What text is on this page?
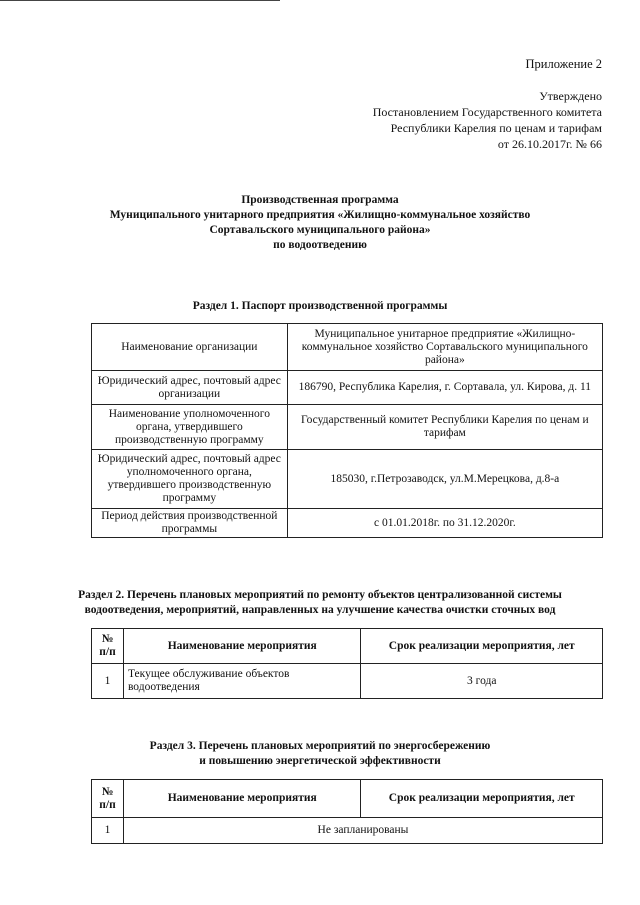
Приложение 2
Утверждено
Постановлением Государственного комитета
Республики Карелия по ценам и тарифам
от 26.10.2017г. № 66
Производственная программа
Муниципального унитарного предприятия «Жилищно-коммунальное хозяйство
Сортавальского муниципального района»
по водоотведению
Раздел 1. Паспорт производственной программы
Наименование организации	Муниципальное унитарное предприятие «Жилищно-коммунальное хозяйство Сортавальского муниципального района»
Юридический адрес, почтовый адрес организации	186790, Республика Карелия, г. Сортавала, ул. Кирова, д. 11
Наименование уполномоченного органа, утвердившего производственную программу	Государственный комитет Республики Карелия по ценам и тарифам
Юридический адрес, почтовый адрес уполномоченного органа, утвердившего производственную программу	185030, г.Петрозаводск, ул.М.Мерецкова, д.8-а
Период действия производственной программы	с 01.01.2018г. по 31.12.2020г.
Раздел 2. Перечень плановых мероприятий по ремонту объектов централизованной системы
водоотведения, мероприятий, направленных на улучшение качества очистки сточных вод
№ п/п	Наименование мероприятия	Срок реализации мероприятия, лет
1	Текущее обслуживание объектов водоотведения	3 года
Раздел 3. Перечень плановых мероприятий по энергосбережению
и повышению энергетической эффективности
№ п/п	Наименование мероприятия	Срок реализации мероприятия, лет
1	Не запланированы	
